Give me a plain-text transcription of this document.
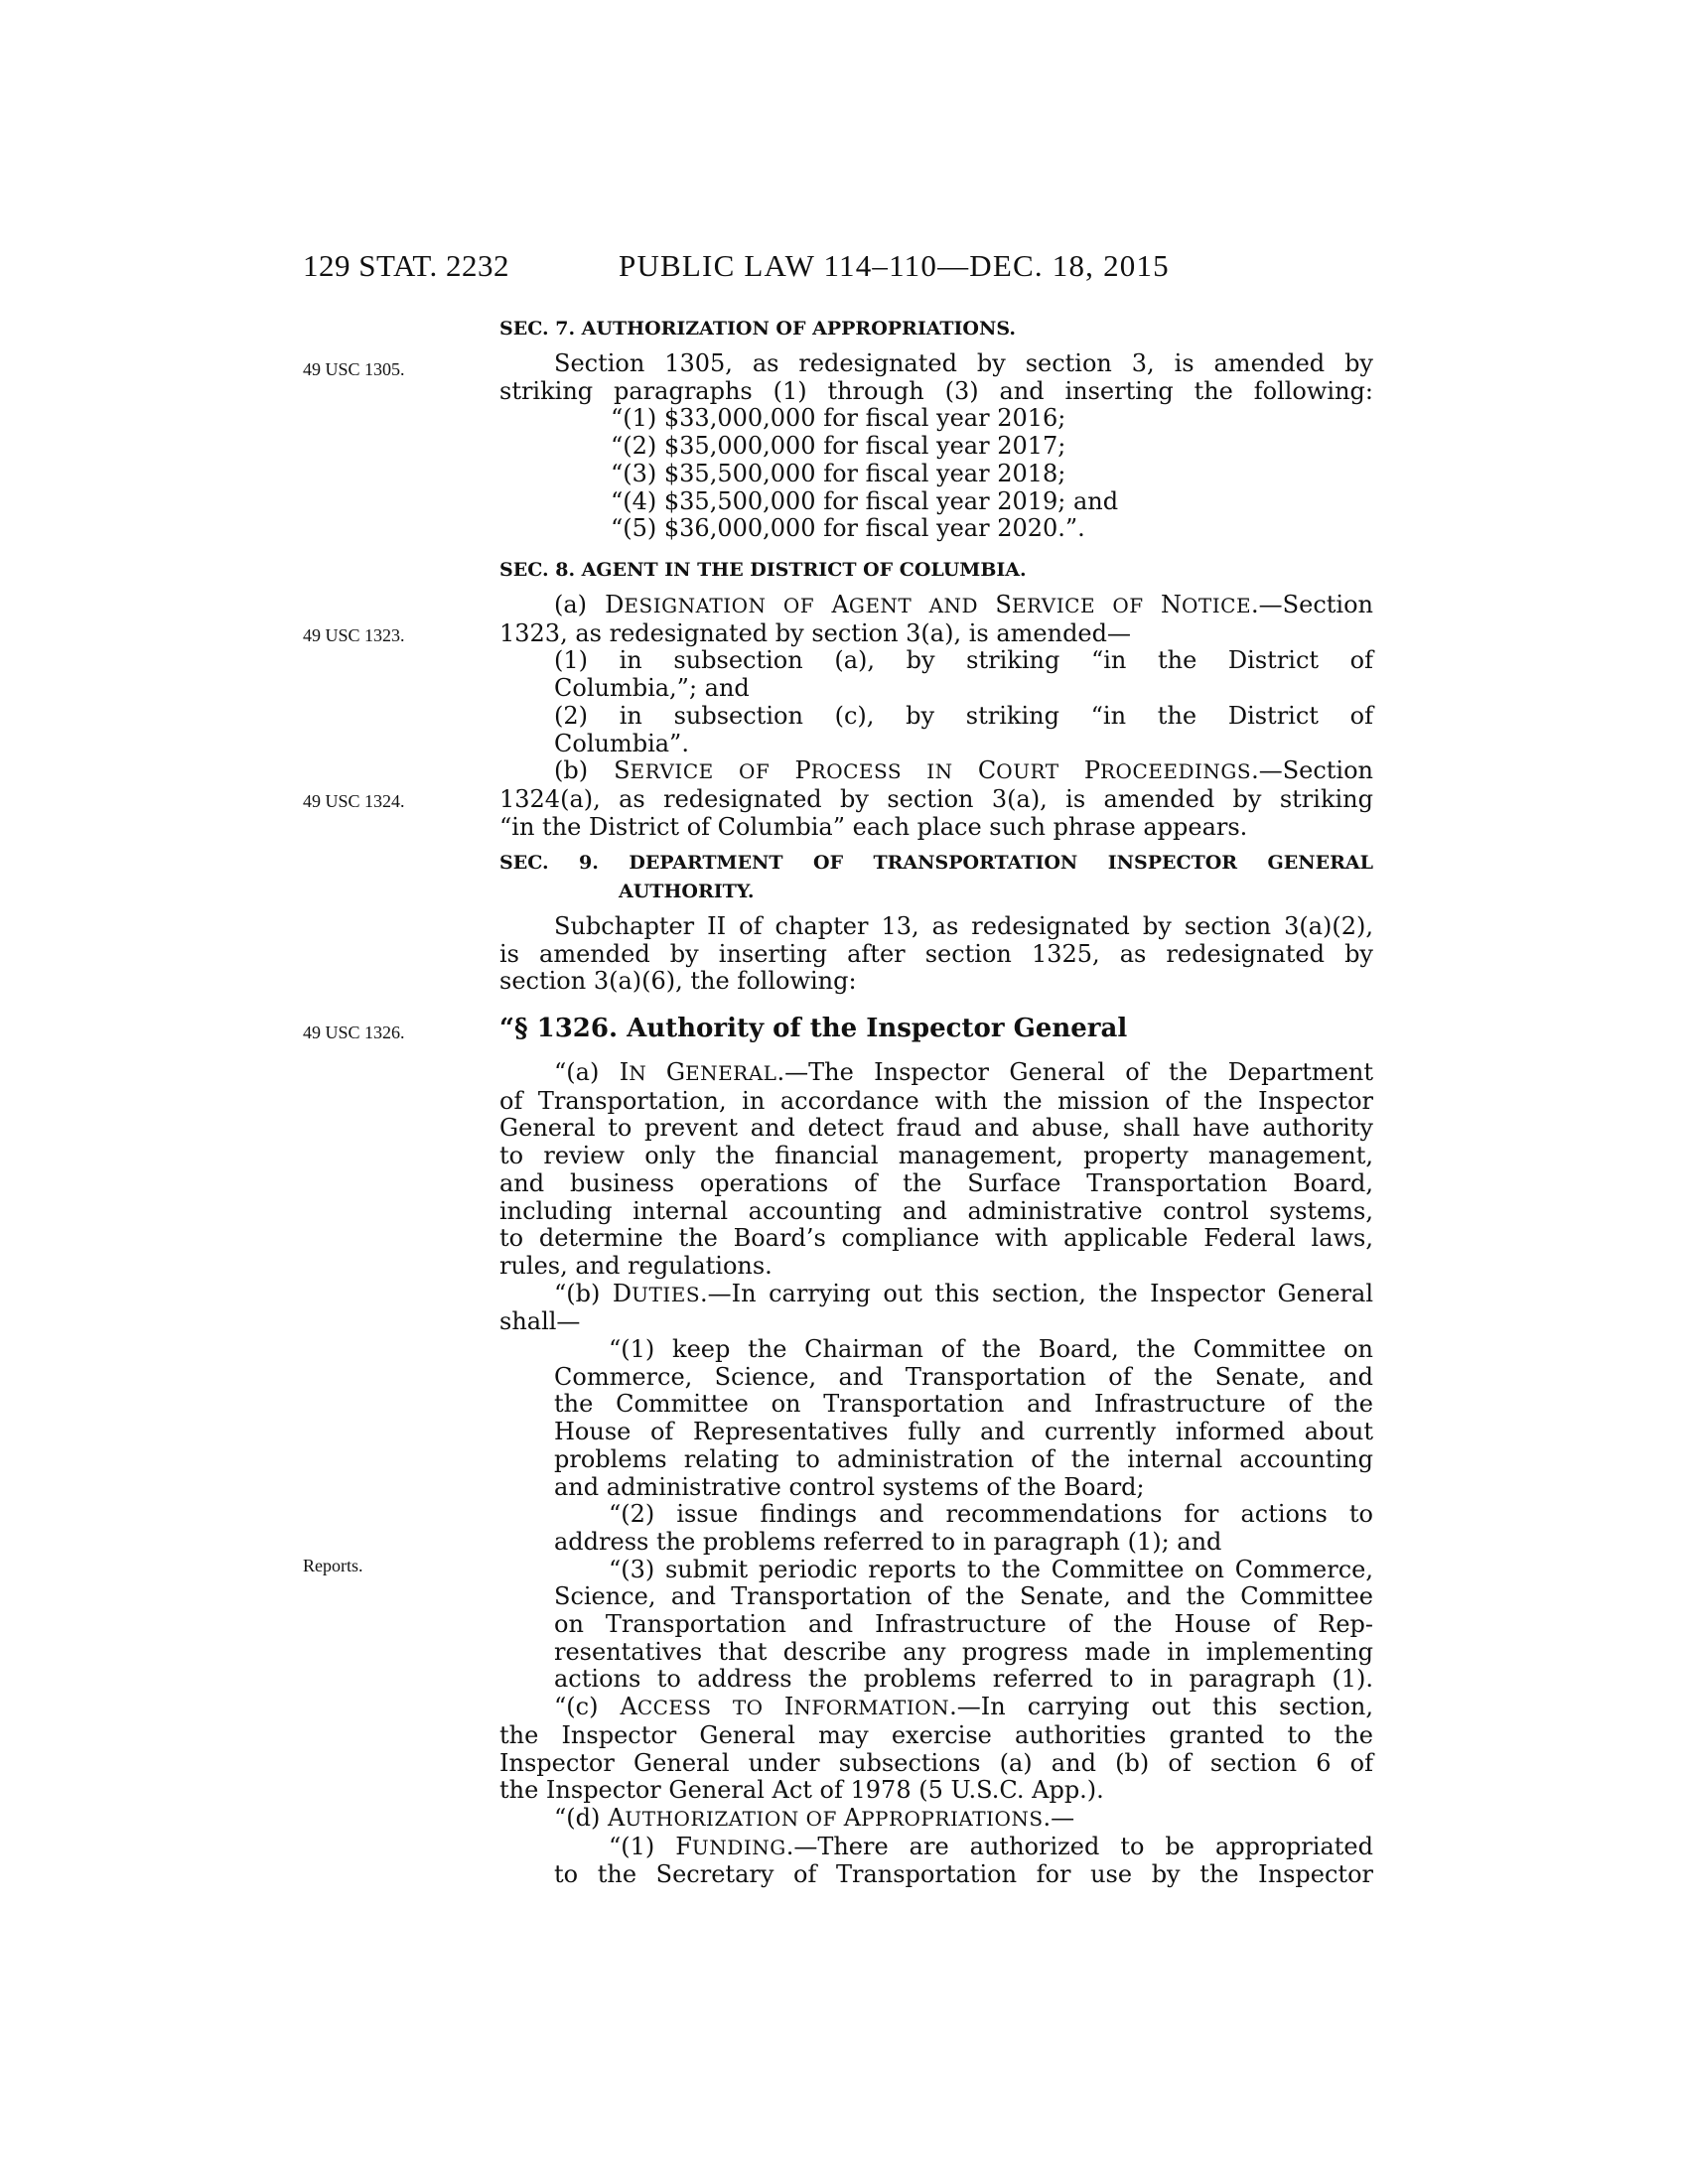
129 STAT. 2232	PUBLIC LAW 114–110—DEC. 18, 2015
49 USC 1305.
49 USC 1323.
49 USC 1324.
49 USC 1326.
Reports.
SEC. 7. AUTHORIZATION OF APPROPRIATIONS.

Section 1305, as redesignated by section 3, is amended by

striking paragraphs (1) through (3) and inserting the following:

“(1) $33,000,000 for fiscal year 2016;

“(2) $35,000,000 for fiscal year 2017;

“(3) $35,500,000 for fiscal year 2018;

“(4) $35,500,000 for fiscal year 2019; and

“(5) $36,000,000 for fiscal year 2020.”.

SEC. 8. AGENT IN THE DISTRICT OF COLUMBIA.

(a) DESIGNATION OF AGENT AND SERVICE OF NOTICE.—Section

1323, as redesignated by section 3(a), is amended—

(1) in subsection (a), by striking “in the District of

Columbia,”; and

(2) in subsection (c), by striking “in the District of

Columbia”.

(b) SERVICE OF PROCESS IN COURT PROCEEDINGS.—Section

1324(a), as redesignated by section 3(a), is amended by striking

“in the District of Columbia” each place such phrase appears.

SEC. 9. DEPARTMENT OF TRANSPORTATION INSPECTOR GENERAL
AUTHORITY.

Subchapter II of chapter 13, as redesignated by section 3(a)(2),

is amended by inserting after section 1325, as redesignated by

section 3(a)(6), the following:

“§ 1326. Authority of the Inspector General

“(a) IN GENERAL.—The Inspector General of the Department

of Transportation, in accordance with the mission of the Inspector

General to prevent and detect fraud and abuse, shall have authority

to review only the financial management, property management,

and business operations of the Surface Transportation Board,

including internal accounting and administrative control systems,

to determine the Board’s compliance with applicable Federal laws,

rules, and regulations.

“(b) DUTIES.—In carrying out this section, the Inspector General

shall—

“(1) keep the Chairman of the Board, the Committee on

Commerce, Science, and Transportation of the Senate, and

the Committee on Transportation and Infrastructure of the

House of Representatives fully and currently informed about

problems relating to administration of the internal accounting

and administrative control systems of the Board;

“(2) issue findings and recommendations for actions to

address the problems referred to in paragraph (1); and

“(3) submit periodic reports to the Committee on Commerce,

Science, and Transportation of the Senate, and the Committee

on Transportation and Infrastructure of the House of Rep-

resentatives that describe any progress made in implementing

actions to address the problems referred to in paragraph (1).

“(c) ACCESS TO INFORMATION.—In carrying out this section,

the Inspector General may exercise authorities granted to the

Inspector General under subsections (a) and (b) of section 6 of

the Inspector General Act of 1978 (5 U.S.C. App.).

“(d) AUTHORIZATION OF APPROPRIATIONS.—

“(1) FUNDING.—There are authorized to be appropriated

to the Secretary of Transportation for use by the Inspector
